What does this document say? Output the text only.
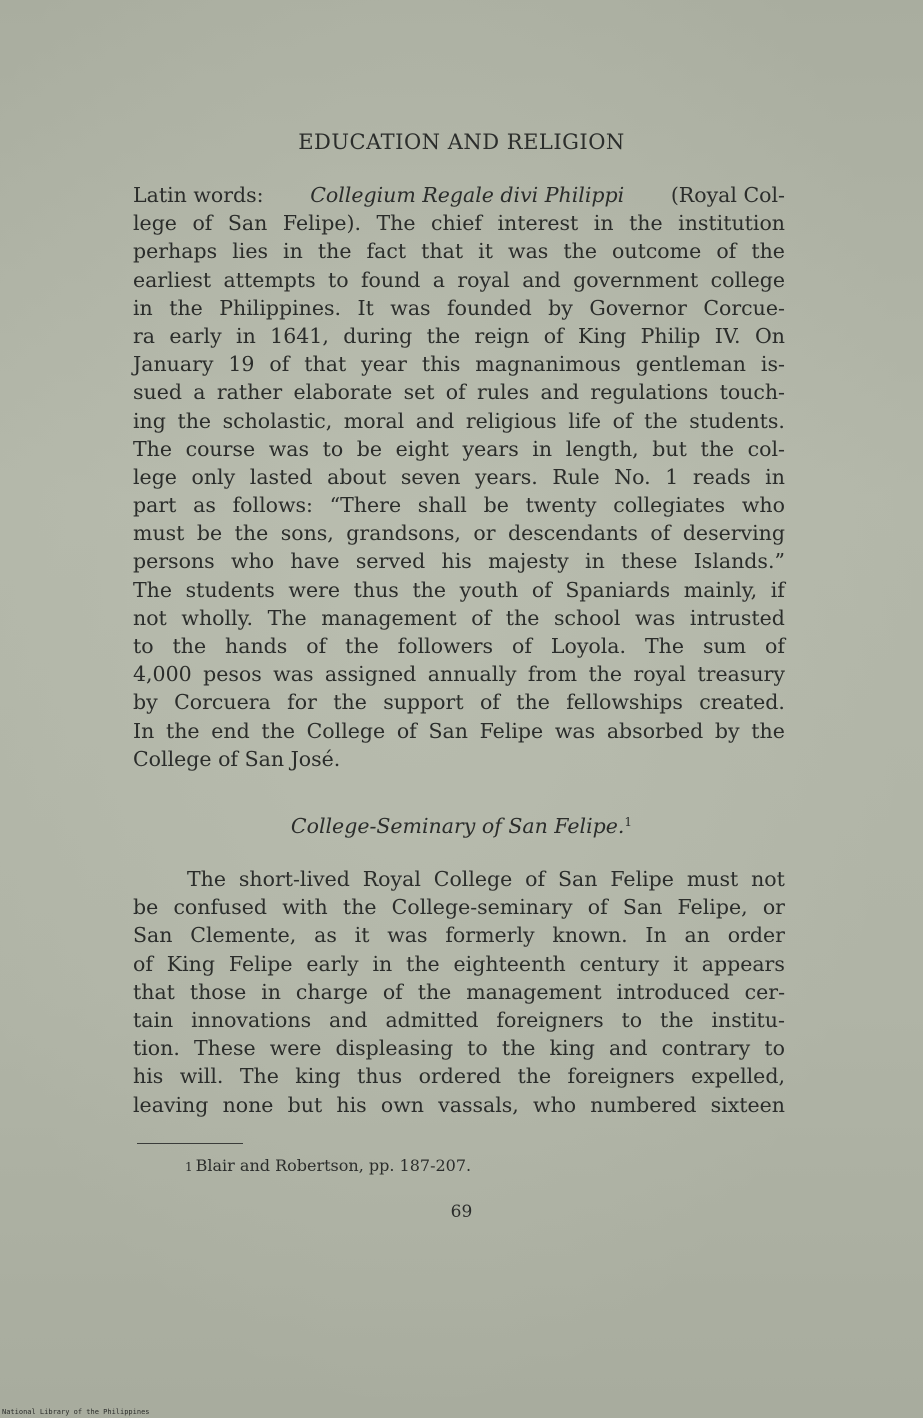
EDUCATION AND RELIGION
Latin words: Collegium Regale divi Philippi (Royal Col-
lege of San Felipe). The chief interest in the institution
perhaps lies in the fact that it was the outcome of the
earliest attempts to found a royal and government college
in the Philippines. It was founded by Governor Corcue-
ra early in 1641, during the reign of King Philip IV. On
January 19 of that year this magnanimous gentleman is-
sued a rather elaborate set of rules and regulations touch-
ing the scholastic, moral and religious life of the students.
The course was to be eight years in length, but the col-
lege only lasted about seven years. Rule No. 1 reads in
part as follows: “There shall be twenty collegiates who
must be the sons, grandsons, or descendants of deserving
persons who have served his majesty in these Islands.”
The students were thus the youth of Spaniards mainly, if
not wholly. The management of the school was intrusted
to the hands of the followers of Loyola. The sum of
4,000 pesos was assigned annually from the royal treasury
by Corcuera for the support of the fellowships created.
In the end the College of San Felipe was absorbed by the
College of San José.
College-Seminary of San Felipe.$^1$
The short-lived Royal College of San Felipe must not
be confused with the College-seminary of San Felipe, or
San Clemente, as it was formerly known. In an order
of King Felipe early in the eighteenth century it appears
that those in charge of the management introduced cer-
tain innovations and admitted foreigners to the institu-
tion. These were displeasing to the king and contrary to
his will. The king thus ordered the foreigners expelled,
leaving none but his own vassals, who numbered sixteen
1 Blair and Robertson, pp. 187-207.
69
National Library of the Philippines
